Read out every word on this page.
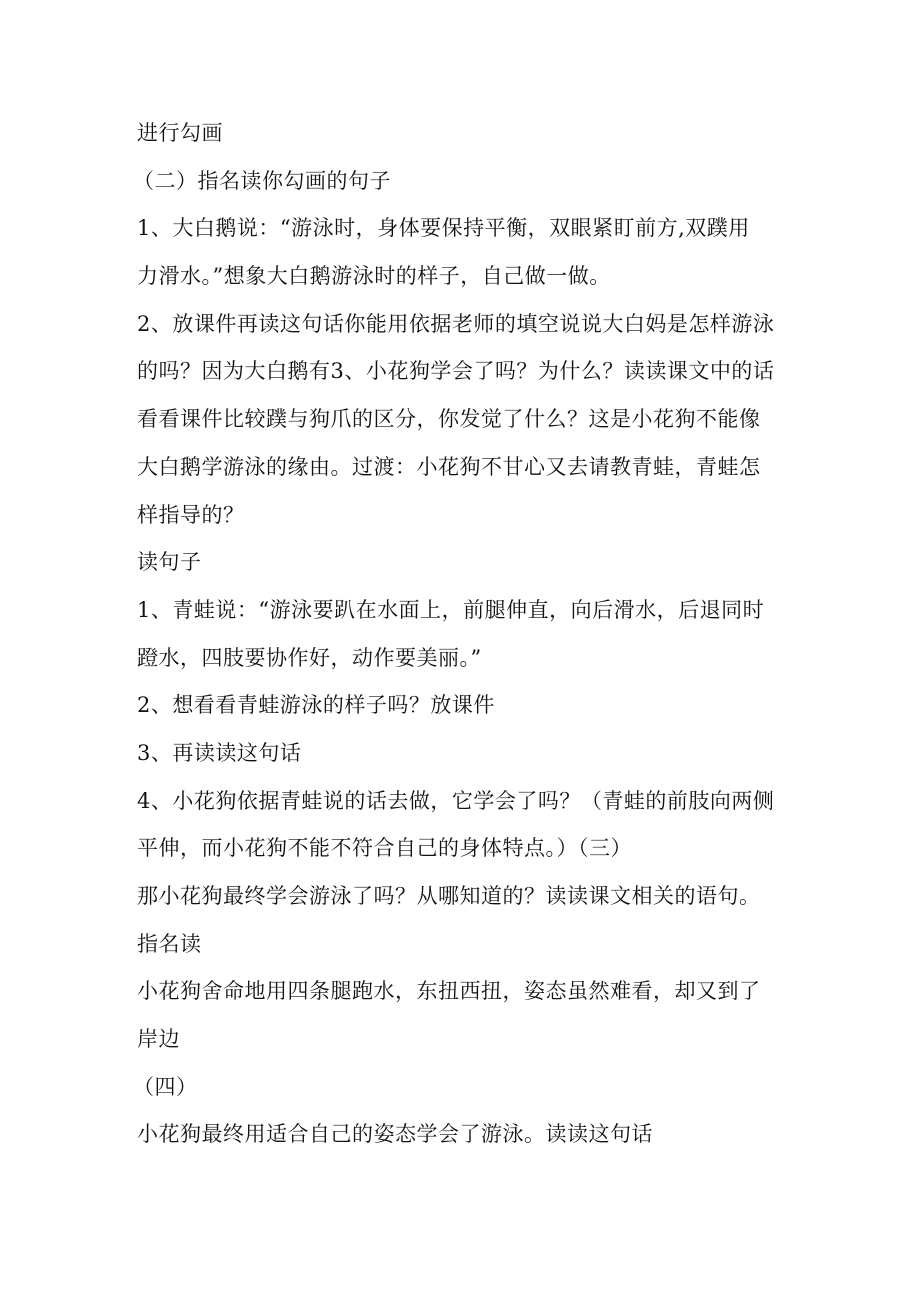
进行勾画
（二）指名读你勾画的句子
1、大白鹅说：“游泳时，身体要保持平衡，双眼紧盯前方,双蹼用
力滑水。”想象大白鹅游泳时的样子，自己做一做。
2、放课件再读这句话你能用依据老师的填空说说大白妈是怎样游泳
的吗？因为大白鹅有3、小花狗学会了吗？为什么？读读课文中的话
看看课件比较蹼与狗爪的区分，你发觉了什么？这是小花狗不能像
大白鹅学游泳的缘由。过渡：小花狗不甘心又去请教青蛙，青蛙怎
样指导的？
读句子
1、青蛙说：“游泳要趴在水面上，前腿伸直，向后滑水，后退同时
蹬水，四肢要协作好，动作要美丽。”
2、想看看青蛙游泳的样子吗？放课件
3、再读读这句话
4、小花狗依据青蛙说的话去做，它学会了吗？（青蛙的前肢向两侧
平伸，而小花狗不能不符合自己的身体特点。）（三）
那小花狗最终学会游泳了吗？从哪知道的？读读课文相关的语句。
指名读
小花狗舍命地用四条腿跑水，东扭西扭，姿态虽然难看，却又到了
岸边
（四）
小花狗最终用适合自己的姿态学会了游泳。读读这句话
